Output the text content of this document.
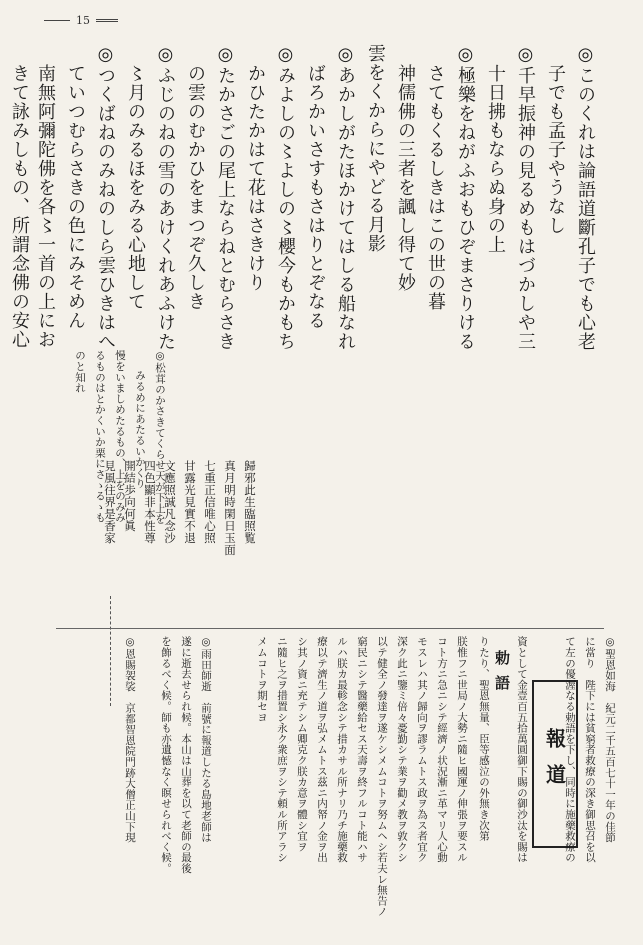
15
◎このくれは論語道斷孔子でも心老
子でも孟子やうなし
◎千早振神の見るめもはづかしや三
十日拂もならぬ身の上
◎極樂をねがふおもひぞまさりける
さてもくるしきはこの世の暮
神儒佛の三者を諷し得て妙
雲をくからにやどる月影
◎あかしがたほかけてはしる船なれ
ばろかいさすもさはりとぞなる
◎みよしの〻よしの〻櫻今もかもち
かひたかはて花はさきけり
◎たかさごの尾上ならねとむらさき
の雲のむかひをまつぞ久しき
◎ふじのねの雪のあけくれあふけた
〻月のみるほをみる心地して
◎つくばねのみねのしら雲ひきはへ
ていつむらさきの色にみそめん
南無阿彌陀佛を各〻一首の上にお
きて詠みしもの、所謂念佛の安心
◎松茸のかさきてくらせ天が下上を
みるめにあたるいかくり
慢をいましめたるもの、上をのみみ
るものはとかくいか栗にさゝるゝも
のと知れ
歸邪此生臨照覧
真月明時閑日玉面
七重正信唯心照
甘露光見實不退
文應照誠凡念沙
四色顯非本性尊
開結歩向何眞
見風往界是香家
報道
勅語	◎聖恩如海　紀元二千五百七十一年の佳節
に當り　陛下には貧窮者救療の深き御思召を以
て左の優渥なる勅語を下し、同時に施藥救療の
資として金壹百五拾萬圓御下賜の御沙汰を賜は
りたり、聖恩無量、臣等感泣の外無き次第
朕惟フニ世局ノ大勢ニ隨ヒ國運ノ伸張ヲ要スル
コト方ニ急ニシテ經濟ノ状況漸ニ革マリ人心動
モスレハ其ノ歸向ヲ謬ラムトス政ヲ為ス者宜ク
深ク此ニ鑒ミ倍々憂勤シテ業ヲ勸メ教ヲ敦クシ
以テ健全ノ發達ヲ遂ケシメムコトヲ努ムヘシ若夫レ無告ノ
窮民ニシテ醫藥給セス天壽ヲ終フルコト能ハサ
ルハ朕カ最軫念シテ措カサル所ナリ乃チ施藥救
療以テ濟生ノ道ヲ弘メムトス茲ニ内帑ノ金ヲ出
シ其ノ資ニ充テシム卿克ク朕カ意ヲ體シ宜ヲ
ニ隨ヒ之ヲ措置シ永ク衆庶ヲシテ頼ル所アラシ
メムコトヲ期セヨ
◎雨田師逝　前號に報道したる島地老師は
遂に逝去せられ候。本山は山葬を以て老師の最後
を飾るべく候。師も亦遺憾なく瞑せられべく候。
◎恩賜袈裟　京都智恩院門跡大僧正山下現
